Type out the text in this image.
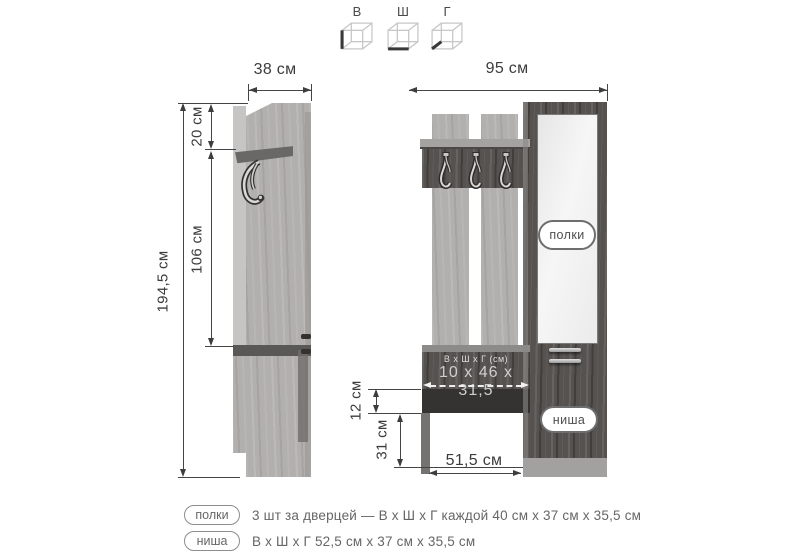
В	Ш	Г
38 см
194,5 см
20 см
106 см
В х Ш х Г (см)
10 х 46 х 31,5
полки
ниша
95 см
12 см
31 см
51,5 см
полки	3 шт за дверцей — В х Ш х Г каждой 40 см х 37 см х 35,5 см
ниша	В х Ш х Г 52,5 см х 37 см х 35,5 см
